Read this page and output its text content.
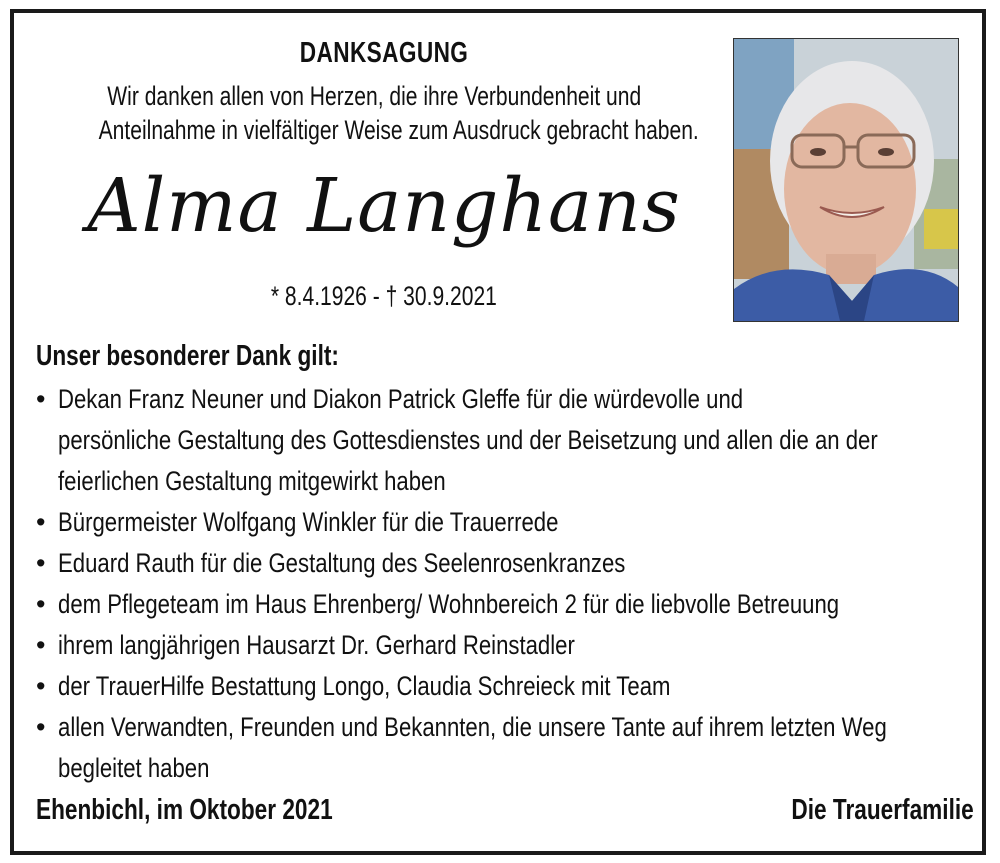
DANKSAGUNG
Wir danken allen von Herzen, die ihre Verbundenheit und
Anteilnahme in vielfältiger Weise zum Ausdruck gebracht haben.
Alma Langhans
* 8.4.1926 - † 30.9.2021
Unser besonderer Dank gilt:
• Dekan Franz Neuner und Diakon Patrick Gleffe für die würdevolle und
persönliche Gestaltung des Gottesdienstes und der Beisetzung und allen die an der
feierlichen Gestaltung mitgewirkt haben
• Bürgermeister Wolfgang Winkler für die Trauerrede
• Eduard Rauth für die Gestaltung des Seelenrosenkranzes
• dem Pflegeteam im Haus Ehrenberg/ Wohnbereich 2 für die liebvolle Betreuung
• ihrem langjährigen Hausarzt Dr. Gerhard Reinstadler
• der TrauerHilfe Bestattung Longo, Claudia Schreieck mit Team
• allen Verwandten, Freunden und Bekannten, die unsere Tante auf ihrem letzten Weg
begleitet haben
Ehenbichl, im Oktober 2021	Die Trauerfamilie
